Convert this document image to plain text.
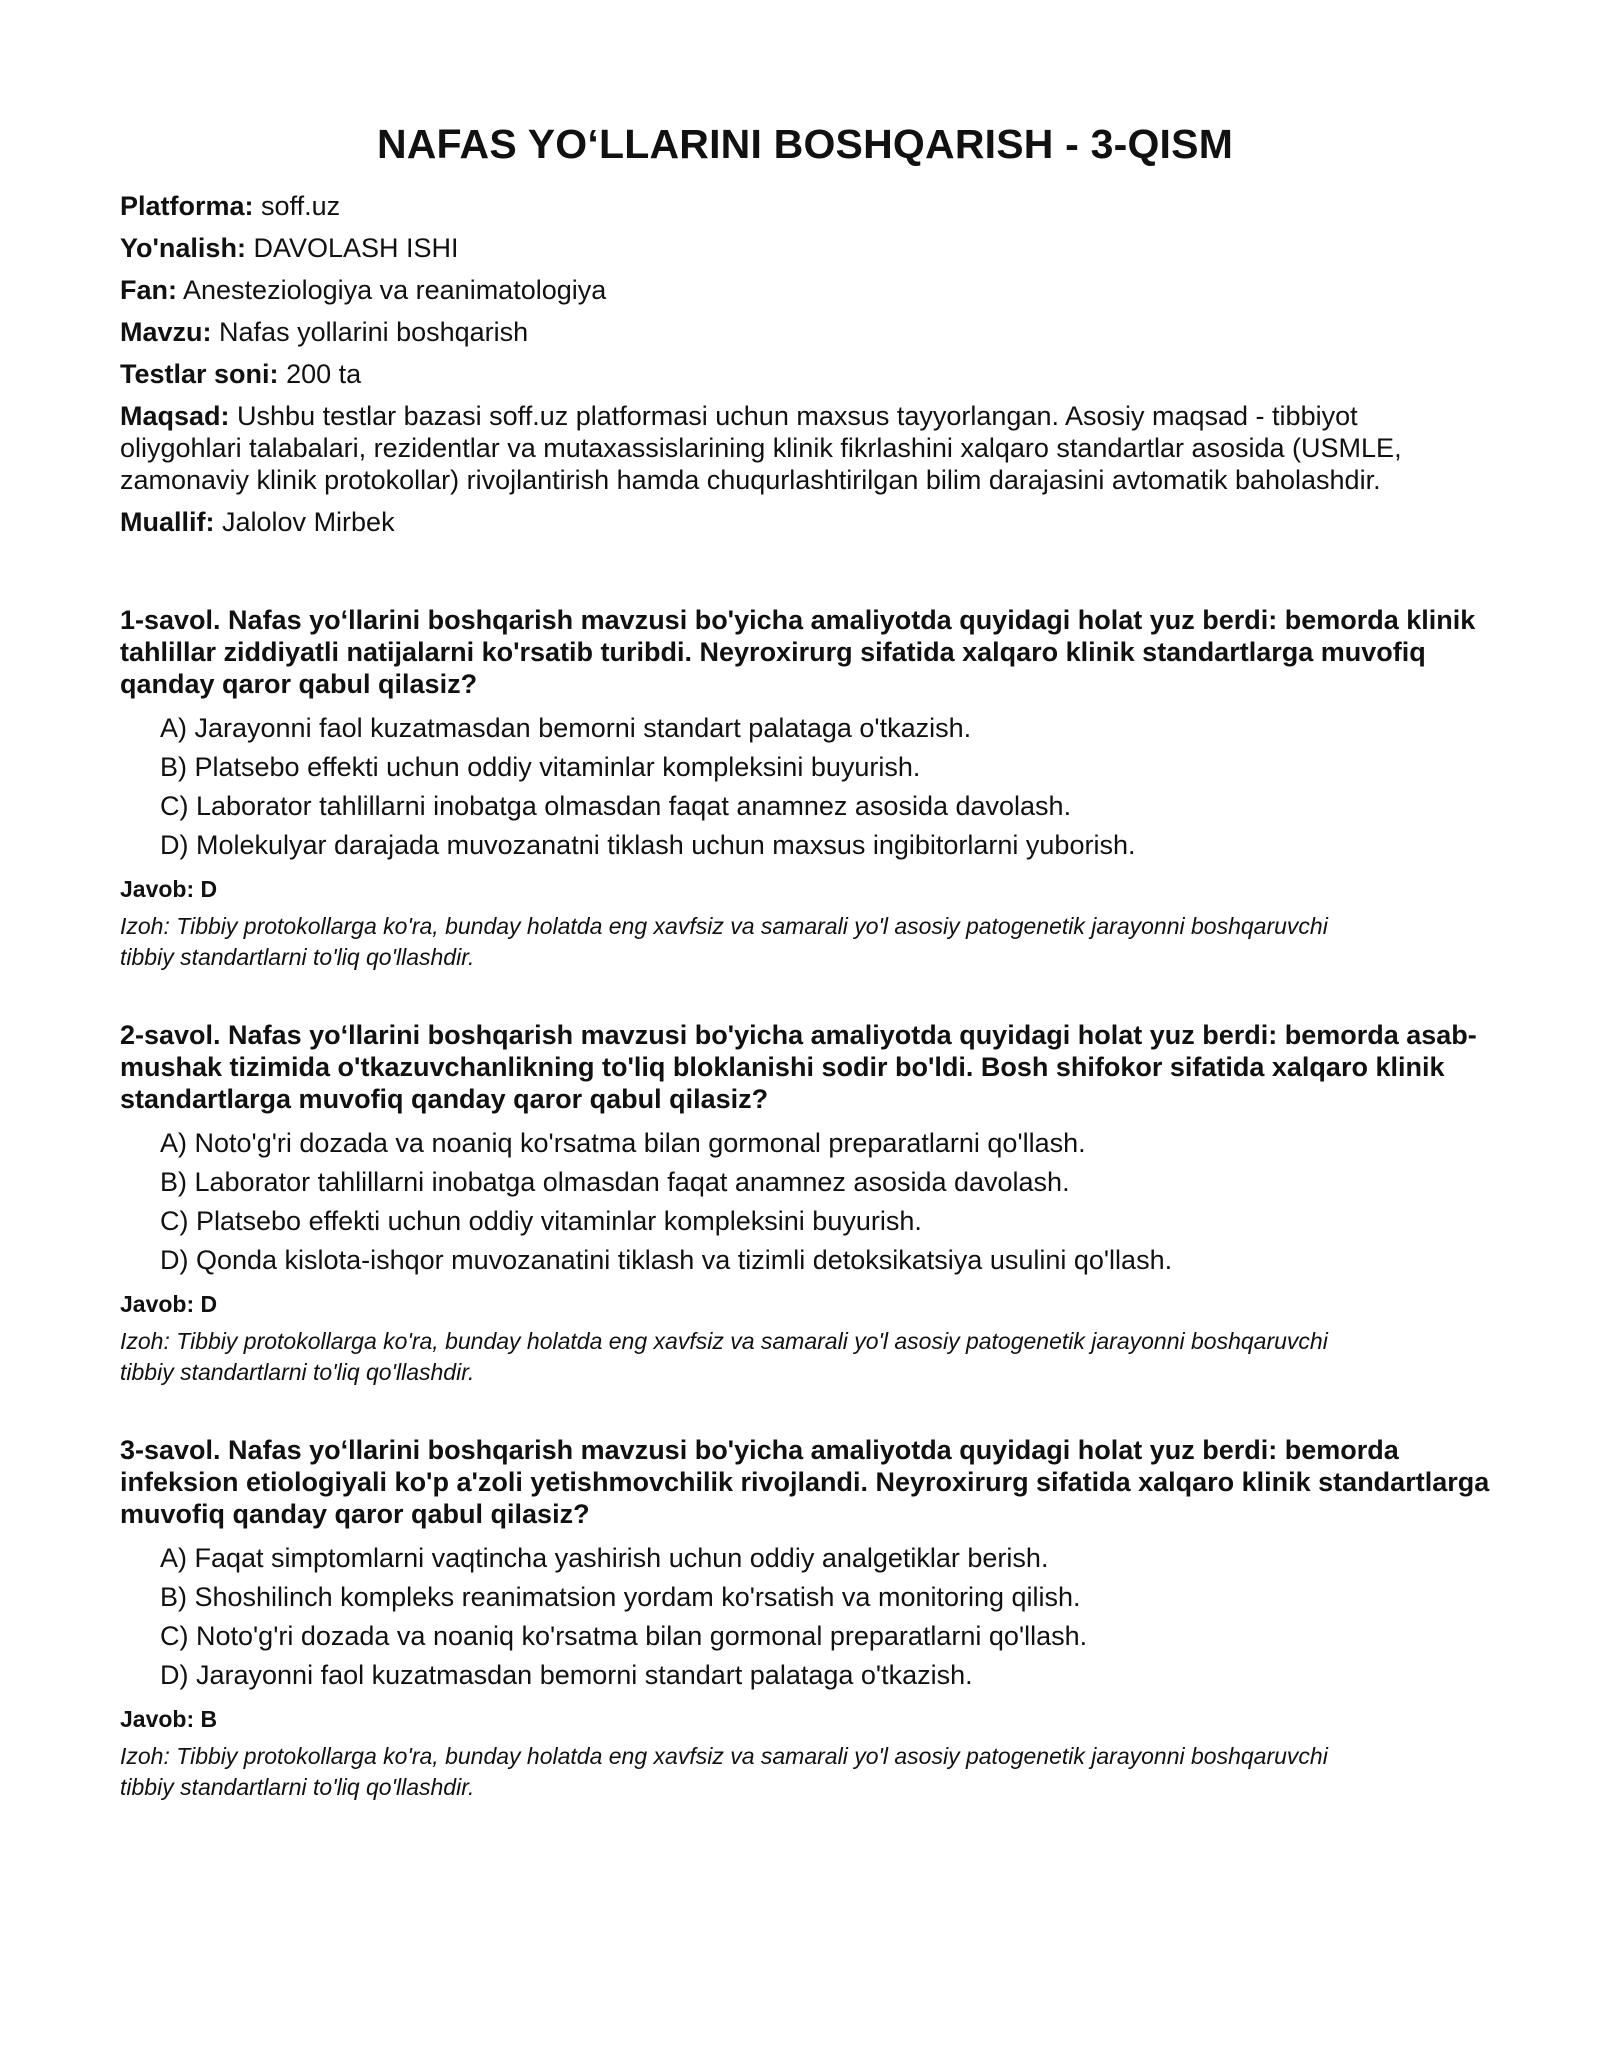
NAFAS YO‘LLARINI BOSHQARISH - 3-QISM
Platforma: soff.uz
Yo'nalish: DAVOLASH ISHI
Fan: Anesteziologiya va reanimatologiya
Mavzu: Nafas yollarini boshqarish
Testlar soni: 200 ta
Maqsad: Ushbu testlar bazasi soff.uz platformasi uchun maxsus tayyorlangan. Asosiy maqsad - tibbiyot oliygohlari talabalari, rezidentlar va mutaxassislarining klinik fikrlashini xalqaro standartlar asosida (USMLE, zamonaviy klinik protokollar) rivojlantirish hamda chuqurlashtirilgan bilim darajasini avtomatik baholashdir.
Muallif: Jalolov Mirbek

1-savol. Nafas yo‘llarini boshqarish mavzusi bo'yicha amaliyotda quyidagi holat yuz berdi: bemorda klinik tahlillar ziddiyatli natijalarni ko'rsatib turibdi. Neyroxirurg sifatida xalqaro klinik standartlarga muvofiq qanday qaror qabul qilasiz?

A) Jarayonni faol kuzatmasdan bemorni standart palataga o'tkazish.
B) Platsebo effekti uchun oddiy vitaminlar kompleksini buyurish.
C) Laborator tahlillarni inobatga olmasdan faqat anamnez asosida davolash.
D) Molekulyar darajada muvozanatni tiklash uchun maxsus ingibitorlarni yuborish.
Javob: D

Izoh: Tibbiy protokollarga ko'ra, bunday holatda eng xavfsiz va samarali yo'l asosiy patogenetik jarayonni boshqaruvchi tibbiy standartlarni to'liq qo'llashdir.

2-savol. Nafas yo‘llarini boshqarish mavzusi bo'yicha amaliyotda quyidagi holat yuz berdi: bemorda asab-mushak tizimida o'tkazuvchanlikning to'liq bloklanishi sodir bo'ldi. Bosh shifokor sifatida xalqaro klinik standartlarga muvofiq qanday qaror qabul qilasiz?

A) Noto'g'ri dozada va noaniq ko'rsatma bilan gormonal preparatlarni qo'llash.
B) Laborator tahlillarni inobatga olmasdan faqat anamnez asosida davolash.
C) Platsebo effekti uchun oddiy vitaminlar kompleksini buyurish.
D) Qonda kislota-ishqor muvozanatini tiklash va tizimli detoksikatsiya usulini qo'llash.
Javob: D

Izoh: Tibbiy protokollarga ko'ra, bunday holatda eng xavfsiz va samarali yo'l asosiy patogenetik jarayonni boshqaruvchi tibbiy standartlarni to'liq qo'llashdir.

3-savol. Nafas yo‘llarini boshqarish mavzusi bo'yicha amaliyotda quyidagi holat yuz berdi: bemorda infeksion etiologiyali ko'p a'zoli yetishmovchilik rivojlandi. Neyroxirurg sifatida xalqaro klinik standartlarga muvofiq qanday qaror qabul qilasiz?

A) Faqat simptomlarni vaqtincha yashirish uchun oddiy analgetiklar berish.
B) Shoshilinch kompleks reanimatsion yordam ko'rsatish va monitoring qilish.
C) Noto'g'ri dozada va noaniq ko'rsatma bilan gormonal preparatlarni qo'llash.
D) Jarayonni faol kuzatmasdan bemorni standart palataga o'tkazish.
Javob: B

Izoh: Tibbiy protokollarga ko'ra, bunday holatda eng xavfsiz va samarali yo'l asosiy patogenetik jarayonni boshqaruvchi tibbiy standartlarni to'liq qo'llashdir.
